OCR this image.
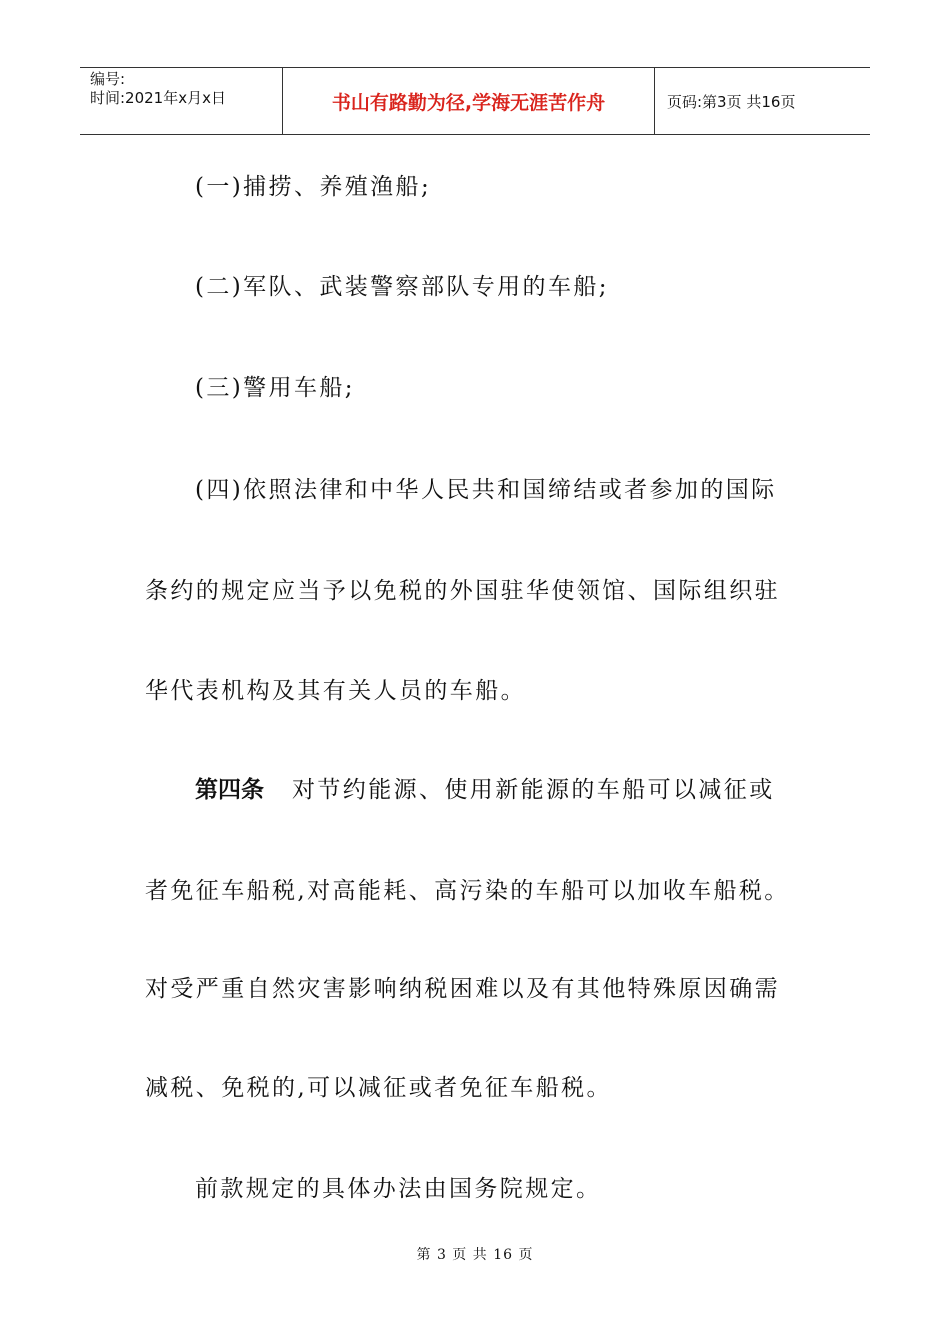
编号:
时间:2021年x月x日	书山有路勤为径,学海无涯苦作舟	页码:第3页 共16页
(一)捕捞、养殖渔船;
(二)军队、武装警察部队专用的车船;
(三)警用车船;
(四)依照法律和中华人民共和国缔结或者参加的国际
条约的规定应当予以免税的外国驻华使领馆、国际组织驻
华代表机构及其有关人员的车船。
第四条 对节约能源、使用新能源的车船可以减征或
者免征车船税,对高能耗、高污染的车船可以加收车船税。
对受严重自然灾害影响纳税困难以及有其他特殊原因确需
减税、免税的,可以减征或者免征车船税。
前款规定的具体办法由国务院规定。
第 3 页 共 16 页
